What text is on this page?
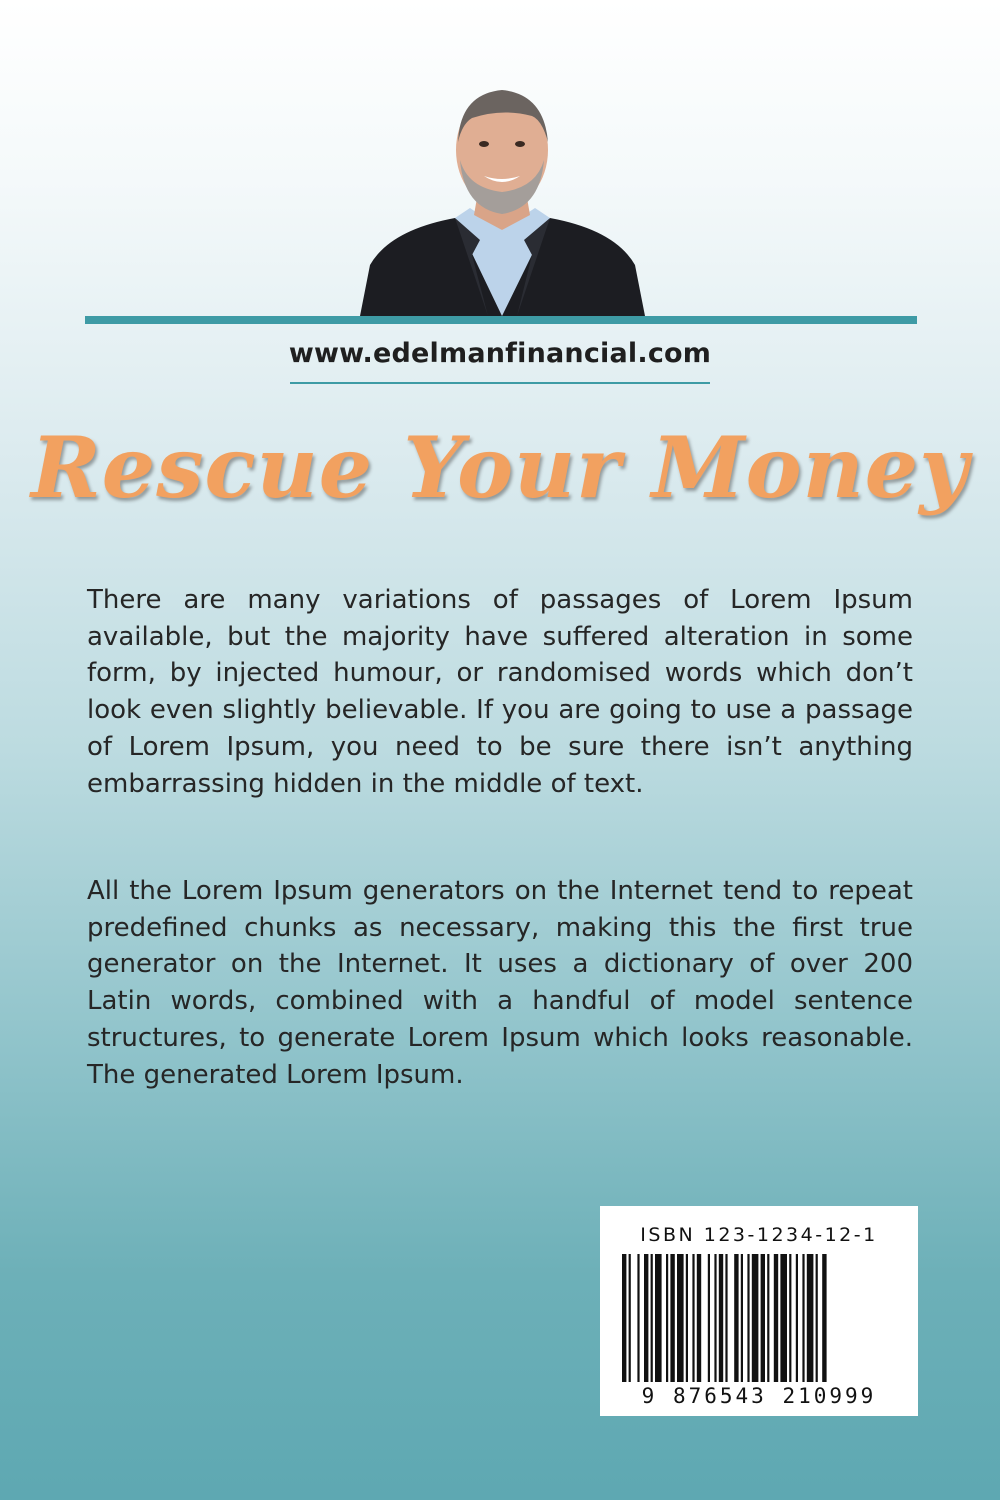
www.edelmanfinancial.com
Rescue Your Money

There are many variations of passages of Lorem Ipsum available, but the majority have suffered alteration in some form, by injected humour, or randomised words which don’t look even slightly believable. If you are going to use a passage of Lorem Ipsum, you need to be sure there isn’t anything embarrassing hidden in the middle of text.

All the Lorem Ipsum generators on the Internet tend to repeat predefined chunks as necessary, making this the first true generator on the Internet. It uses a dictionary of over 200 Latin words, combined with a handful of model sentence structures, to generate Lorem Ipsum which looks reasonable. The generated Lorem Ipsum.

ISBN 123-1234-12-1
9 876543 210999
